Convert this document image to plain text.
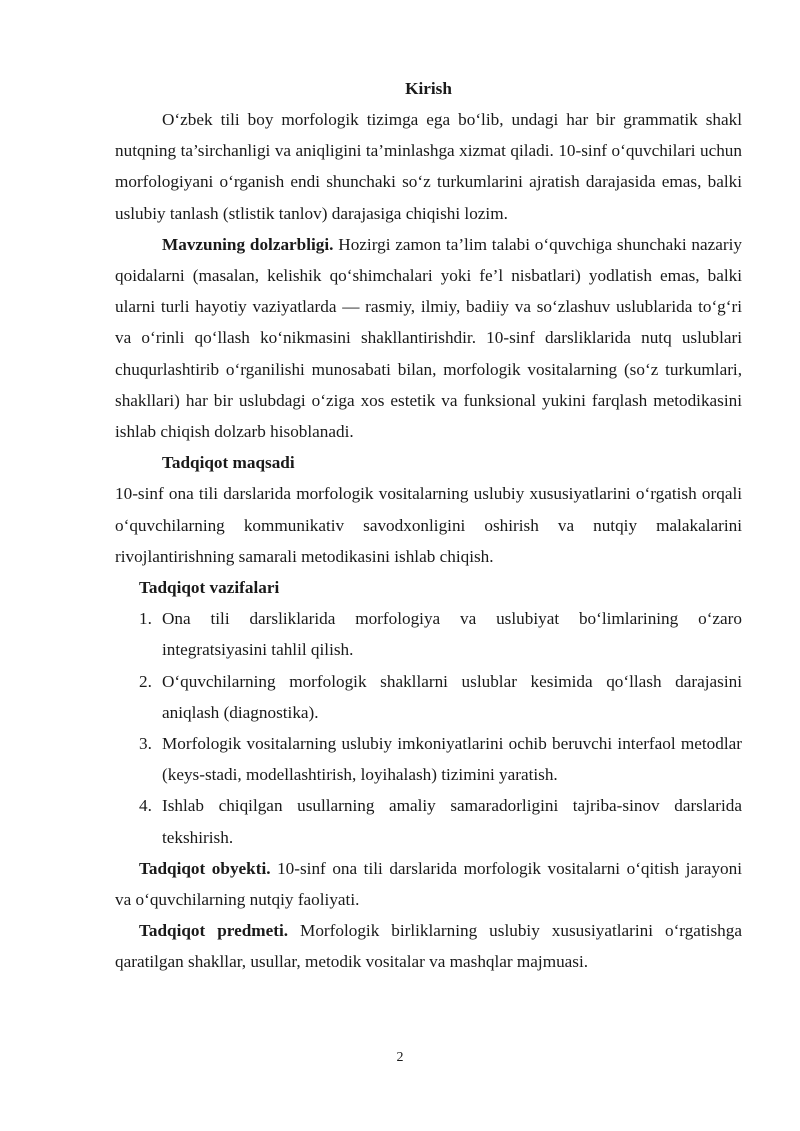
Kirish

O‘zbek tili boy morfologik tizimga ega bo‘lib, undagi har bir grammatik shakl nutqning ta’sirchanligi va aniqligini ta’minlashga xizmat qiladi. 10-sinf o‘quvchilari uchun morfologiyani o‘rganish endi shunchaki so‘z turkumlarini ajratish darajasida emas, balki uslubiy tanlash (stlistik tanlov) darajasiga chiqishi lozim.

Mavzuning dolzarbligi. Hozirgi zamon ta’lim talabi o‘quvchiga shunchaki nazariy qoidalarni (masalan, kelishik qo‘shimchalari yoki fe’l nisbatlari) yodlatish emas, balki ularni turli hayotiy vaziyatlarda — rasmiy, ilmiy, badiiy va so‘zlashuv uslublarida to‘g‘ri va o‘rinli qo‘llash ko‘nikmasini shakllantirishdir. 10-sinf darsliklarida nutq uslublari chuqurlashtirib o‘rganilishi munosabati bilan, morfologik vositalarning (so‘z turkumlari, shakllari) har bir uslubdagi o‘ziga xos estetik va funksional yukini farqlash metodikasini ishlab chiqish dolzarb hisoblanadi.

Tadqiqot maqsadi

10-sinf ona tili darslarida morfologik vositalarning uslubiy xususiyatlarini o‘rgatish orqali o‘quvchilarning kommunikativ savodxonligini oshirish va nutqiy malakalarini rivojlantirishning samarali metodikasini ishlab chiqish.

Tadqiqot vazifalari

1. Ona tili darsliklarida morfologiya va uslubiyat bo‘limlarining o‘zaro integratsiyasini tahlil qilish.
2. O‘quvchilarning morfologik shakllarni uslublar kesimida qo‘llash darajasini aniqlash (diagnostika).
3. Morfologik vositalarning uslubiy imkoniyatlarini ochib beruvchi interfaol metodlar (keys-stadi, modellashtirish, loyihalash) tizimini yaratish.
4. Ishlab chiqilgan usullarning amaliy samaradorligini tajriba-sinov darslarida tekshirish.

Tadqiqot obyekti. 10-sinf ona tili darslarida morfologik vositalarni o‘qitish jarayoni va o‘quvchilarning nutqiy faoliyati.

Tadqiqot predmeti. Morfologik birliklarning uslubiy xususiyatlarini o‘rgatishga qaratilgan shakllar, usullar, metodik vositalar va mashqlar majmuasi.

2
